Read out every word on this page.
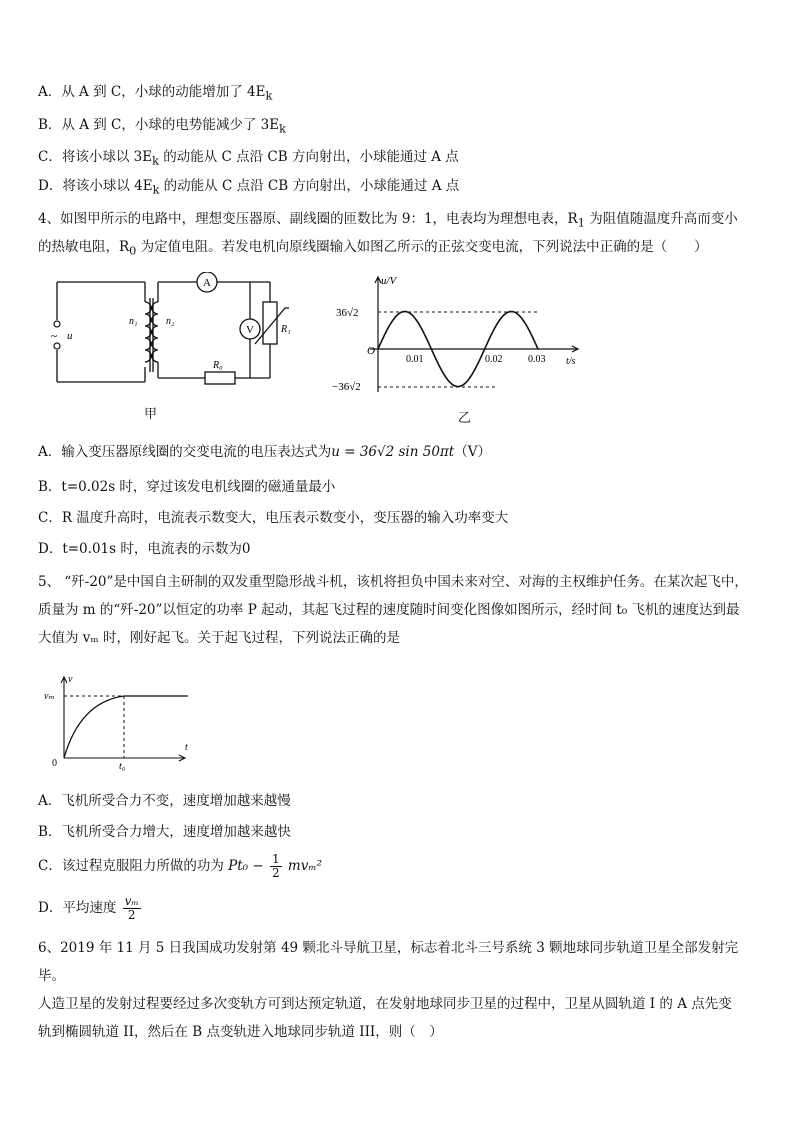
A．从 A 到 C，小球的动能增加了 $4E_k$
B．从 A 到 C，小球的电势能减少了 $3E_k$
C．将该小球以 $3E_k$ 的动能从 C 点沿 CB 方向射出，小球能通过 A 点
D．将该小球以 $4E_k$ 的动能从 C 点沿 CB 方向射出，小球能通过 A 点
4、如图甲所示的电路中，理想变压器原、副线圈的匝数比为 9：1，电表均为理想电表，$R_1$ 为阻值随温度升高而变小
的热敏电阻，$R_0$ 为定值电阻。若发电机向原线圈输入如图乙所示的正弦交变电流，下列说法中正确的是（　　）
A
V
~ u
n₁	n₂
R₁
R₀
甲
36√2
−36√2
O
u/V
t/s
0.01	0.02	0.03
乙
A．输入变压器原线圈的交变电流的电压表达式为u = 36√2 sin 50πt（V）
B．t=0.02s 时，穿过该发电机线圈的磁通量最小
C．R 温度升高时，电流表示数变大，电压表示数变小，变压器的输入功率变大
D．t=0.01s 时，电流表的示数为0
5、 “歼-20”是中国自主研制的双发重型隐形战斗机，该机将担负中国未来对空、对海的主权维护任务。在某次起飞中，
质量为 m 的“歼-20”以恒定的功率 P 起动，其起飞过程的速度随时间变化图像如图所示，经时间 t₀ 飞机的速度达到最
大值为 vₘ 时，刚好起飞。关于起飞过程，下列说法正确的是
v
t
vₘ
0	t₀
A．飞机所受合力不变，速度增加越来越慢
B．飞机所受合力增大，速度增加越来越快
C．该过程克服阻力所做的功为 $Pt_0 - \frac{1}{2} mv_m^2$
D．平均速度 $\frac{\text{vₘ}}{2}$
6、2019 年 11 月 5 日我国成功发射第 49 颗北斗导航卫星，标志着北斗三号系统 3 颗地球同步轨道卫星全部发射完毕。
人造卫星的发射过程要经过多次变轨方可到达预定轨道，在发射地球同步卫星的过程中，卫星从圆轨道 I 的 A 点先变
轨到椭圆轨道 II，然后在 B 点变轨进入地球同步轨道 III，则（　）
